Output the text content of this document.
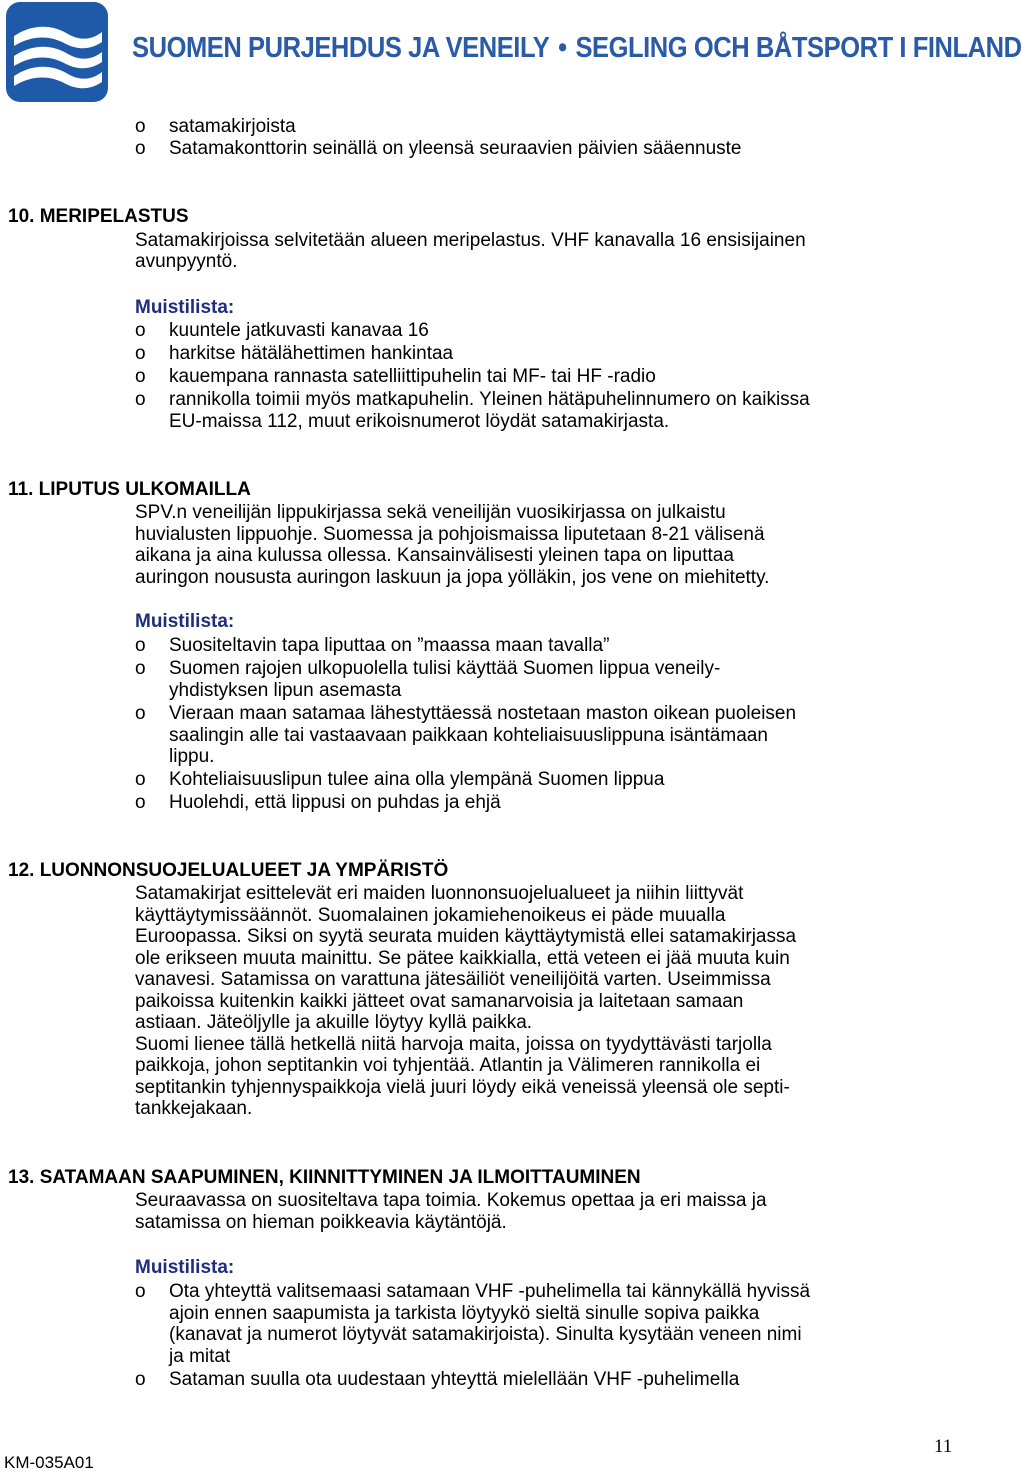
SUOMEN PURJEHDUS JA VENEILY • SEGLING OCH BÅTSPORT I FINLAND
o satamakirjoista
o Satamakonttorin seinällä on yleensä seuraavien päivien sääennuste
10. MERIPELASTUS
Satamakirjoissa selvitetään alueen meripelastus. VHF kanavalla 16 ensisijainen
avunpyyntö.
Muistilista:
o kuuntele jatkuvasti kanavaa 16
o harkitse hätälähettimen hankintaa
o kauempana rannasta satelliittipuhelin tai MF- tai HF -radio
o rannikolla toimii myös matkapuhelin. Yleinen hätäpuhelinnumero on kaikissa
EU-maissa 112, muut erikoisnumerot löydät satamakirjasta.
11. LIPUTUS ULKOMAILLA
SPV.n veneilijän lippukirjassa sekä veneilijän vuosikirjassa on julkaistu
huvialusten lippuohje. Suomessa ja pohjoismaissa liputetaan 8-21 välisenä
aikana ja aina kulussa ollessa. Kansainvälisesti yleinen tapa on liputtaa
auringon noususta auringon laskuun ja jopa yölläkin, jos vene on miehitetty.
Muistilista:
o Suositeltavin tapa liputtaa on ”maassa maan tavalla”
o Suomen rajojen ulkopuolella tulisi käyttää Suomen lippua veneily-
yhdistyksen lipun asemasta
o Vieraan maan satamaa lähestyttäessä nostetaan maston oikean puoleisen
saalingin alle tai vastaavaan paikkaan kohteliaisuuslippuna isäntämaan
lippu.
o Kohteliaisuuslipun tulee aina olla ylempänä Suomen lippua
o Huolehdi, että lippusi on puhdas ja ehjä
12. LUONNONSUOJELUALUEET JA YMPÄRISTÖ
Satamakirjat esittelevät eri maiden luonnonsuojelualueet ja niihin liittyvät
käyttäytymissäännöt. Suomalainen jokamiehenoikeus ei päde muualla
Euroopassa. Siksi on syytä seurata muiden käyttäytymistä ellei satamakirjassa
ole erikseen muuta mainittu. Se pätee kaikkialla, että veteen ei jää muuta kuin
vanavesi. Satamissa on varattuna jätesäiliöt veneilijöitä varten. Useimmissa
paikoissa kuitenkin kaikki jätteet ovat samanarvoisia ja laitetaan samaan
astiaan. Jäteöljylle ja akuille löytyy kyllä paikka.
Suomi lienee tällä hetkellä niitä harvoja maita, joissa on tyydyttävästi tarjolla
paikkoja, johon septitankin voi tyhjentää. Atlantin ja Välimeren rannikolla ei
septitankin tyhjennyspaikkoja vielä juuri löydy eikä veneissä yleensä ole septi-
tankkejakaan.
13. SATAMAAN SAAPUMINEN, KIINNITTYMINEN JA ILMOITTAUMINEN
Seuraavassa on suositeltava tapa toimia. Kokemus opettaa ja eri maissa ja
satamissa on hieman poikkeavia käytäntöjä.
Muistilista:
o Ota yhteyttä valitsemaasi satamaan VHF -puhelimella tai kännykällä hyvissä
ajoin ennen saapumista ja tarkista löytyykö sieltä sinulle sopiva paikka
(kanavat ja numerot löytyvät satamakirjoista). Sinulta kysytään veneen nimi
ja mitat
o Sataman suulla ota uudestaan yhteyttä mielellään VHF -puhelimella
KM-035A01
11
